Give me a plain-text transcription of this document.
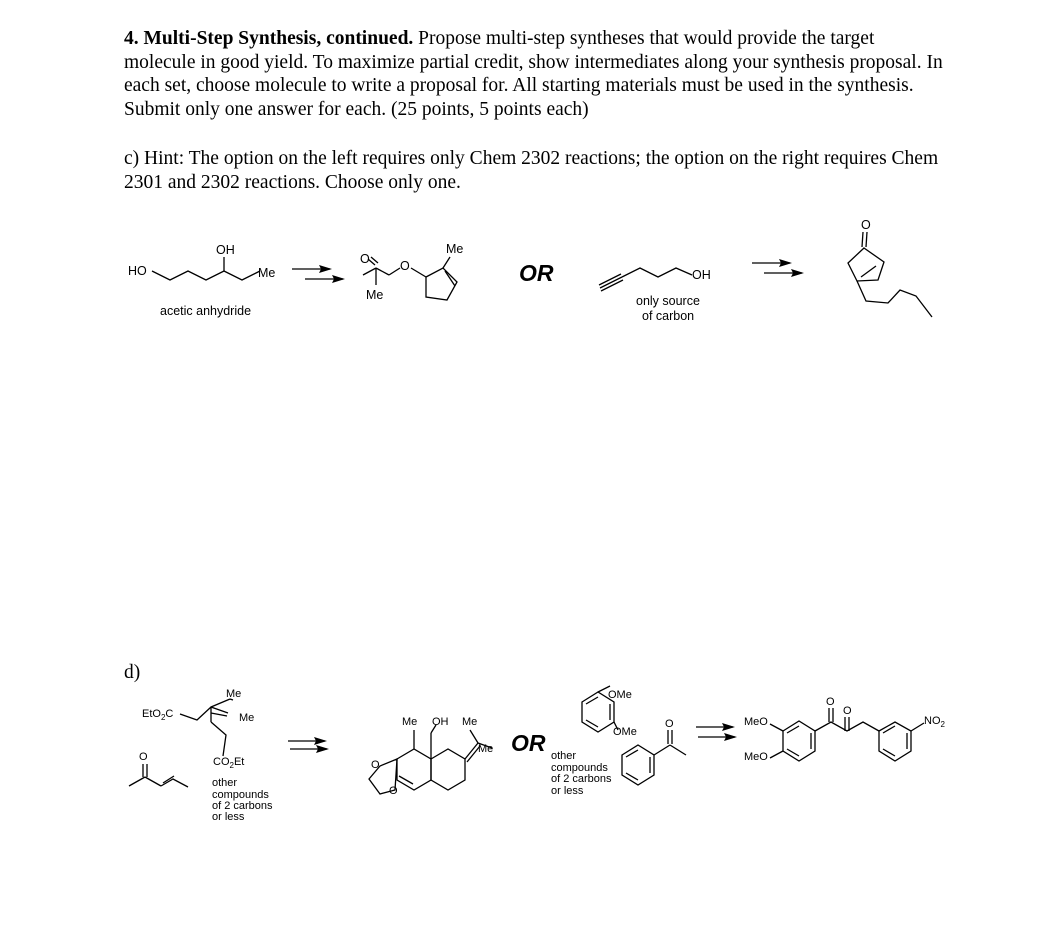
4. Multi-Step Synthesis, continued. Propose multi-step syntheses that would provide the target molecule in good yield. To maximize partial credit, show intermediates along your synthesis proposal. In each set, choose molecule to write a proposal for. All starting materials must be used in the synthesis. Submit only one answer for each. (25 points, 5 points each)

c) Hint: The option on the left requires only Chem 2302 reactions; the option on the right requires Chem 2301 and 2302 reactions. Choose only one.

d)
HO
OH
Me
acetic anhydride
O O
Me
Me
OR	OH
only source
of carbon
O
Me
EtO$_2$C	Me
$CO_2Et$
O
other
compounds
of 2 carbons
or less
Me OH Me
Me
O
O
OR
OMe
OMe
O
other
compounds
of 2 carbons
or less
MeO
MeO
O
O
$NO_2$
